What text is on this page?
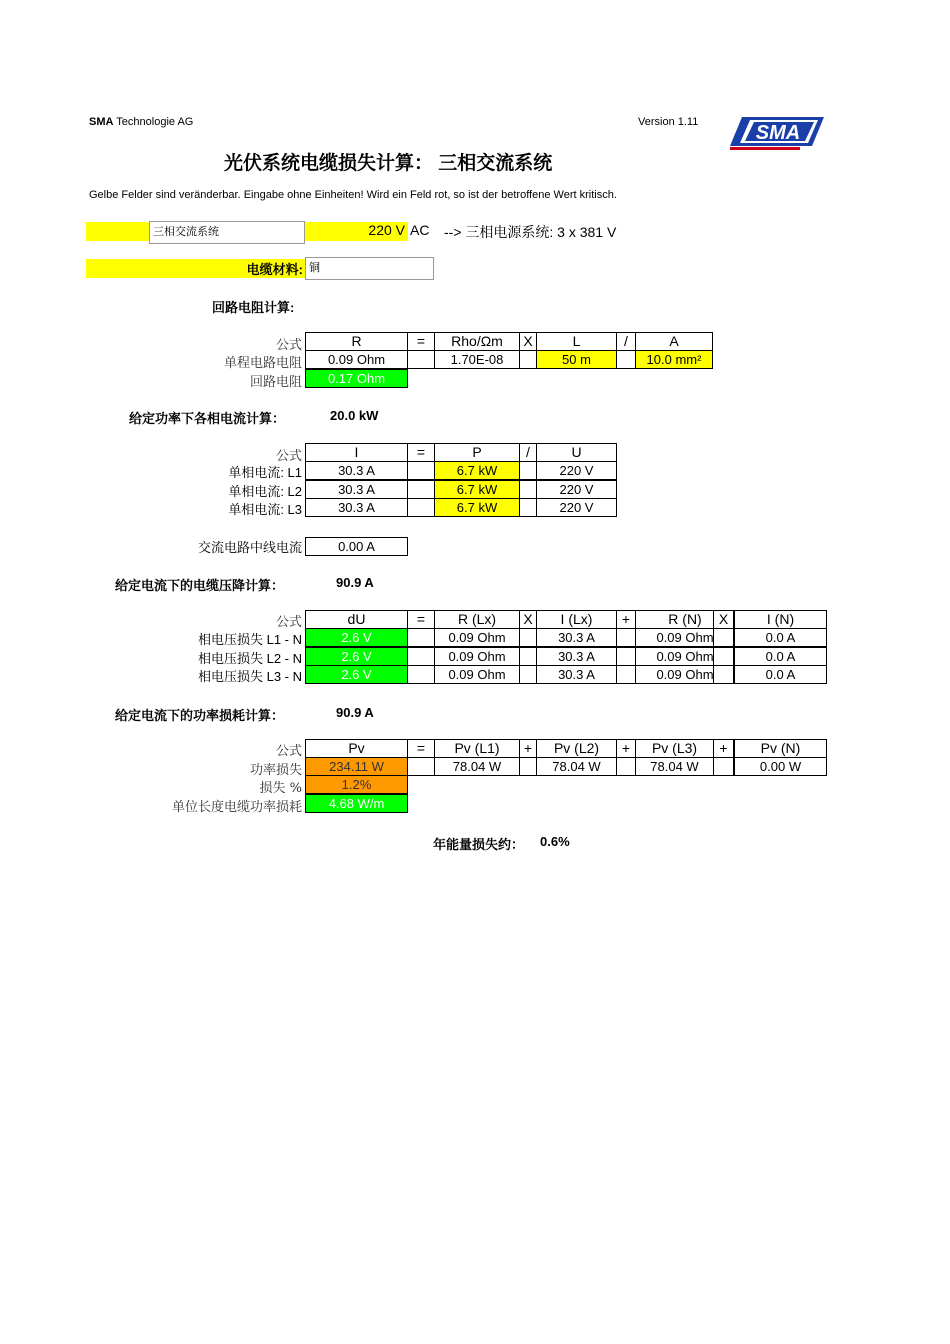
SMA Technologie AG	Version 1.11	SMA
光伏系统电缆损失计算： 三相交流系统
Gelbe Felder sind veränderbar. Eingabe ohne Einheiten! Wird ein Feld rot, so ist der betroffene Wert kritisch.
三相交流系统	220 V AC --> 三相电源系统: 3 x 381 V
电缆材料: 铜
回路电阻计算:
公式	R	=	Rho/Ωm	X	L	/	A
单程电路电阻	0.09 Ohm	1.70E-08	50 m	10.0 mm²
回路电阻	0.17 Ohm
给定功率下各相电流计算：	20.0 kW
公式	I	=	P	/	U
单相电流: L1	30.3 A	6.7 kW	220 V
单相电流: L2	30.3 A	6.7 kW	220 V
单相电流: L3	30.3 A	6.7 kW	220 V
交流电路中线电流	0.00 A
给定电流下的电缆压降计算：	90.9 A
公式	dU	=	R (Lx)	X	I (Lx)	+	R (N)	X	I (N)
相电压损失 L1 - N	2.6 V	0.09 Ohm	30.3 A	0.09 Ohm	0.0 A
相电压损失 L2 - N	2.6 V	0.09 Ohm	30.3 A	0.09 Ohm	0.0 A
相电压损失 L3 - N	2.6 V	0.09 Ohm	30.3 A	0.09 Ohm	0.0 A
给定电流下的功率损耗计算：	90.9 A
公式	Pv	=	Pv (L1)	+	Pv (L2)	+	Pv (L3)	+	Pv (N)
功率损失	234.11 W	78.04 W	78.04 W	78.04 W	0.00 W
损失 %	1.2%
单位长度电缆功率损耗	4.68 W/m
年能量损失约： 0.6%
